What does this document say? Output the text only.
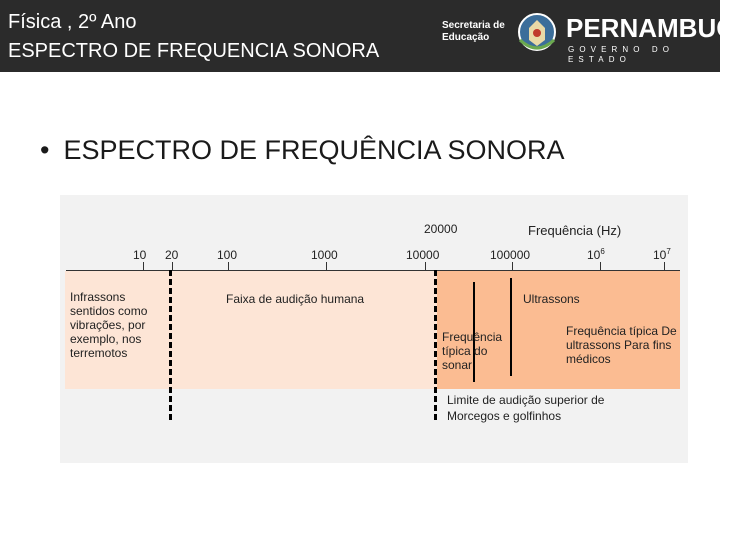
Física , 2º Ano
ESPECTRO DE FREQUENCIA SONORA
Secretaria de
Educação	PERNAMBUCO
GOVERNO DO ESTADO
• ESPECTRO DE FREQUÊNCIA SONORA
Frequência (Hz)
20000
10 20	100	1000	10000	100000	$10^6$	$10^7$
Infrassons sentidos como vibrações, por exemplo, nos terremotos
Faixa de audição humana	Ultrassons
Frequência típica do sonar
Frequência típica De ultrassons Para fins médicos
Limite de audição superior de
Morcegos e golfinhos
